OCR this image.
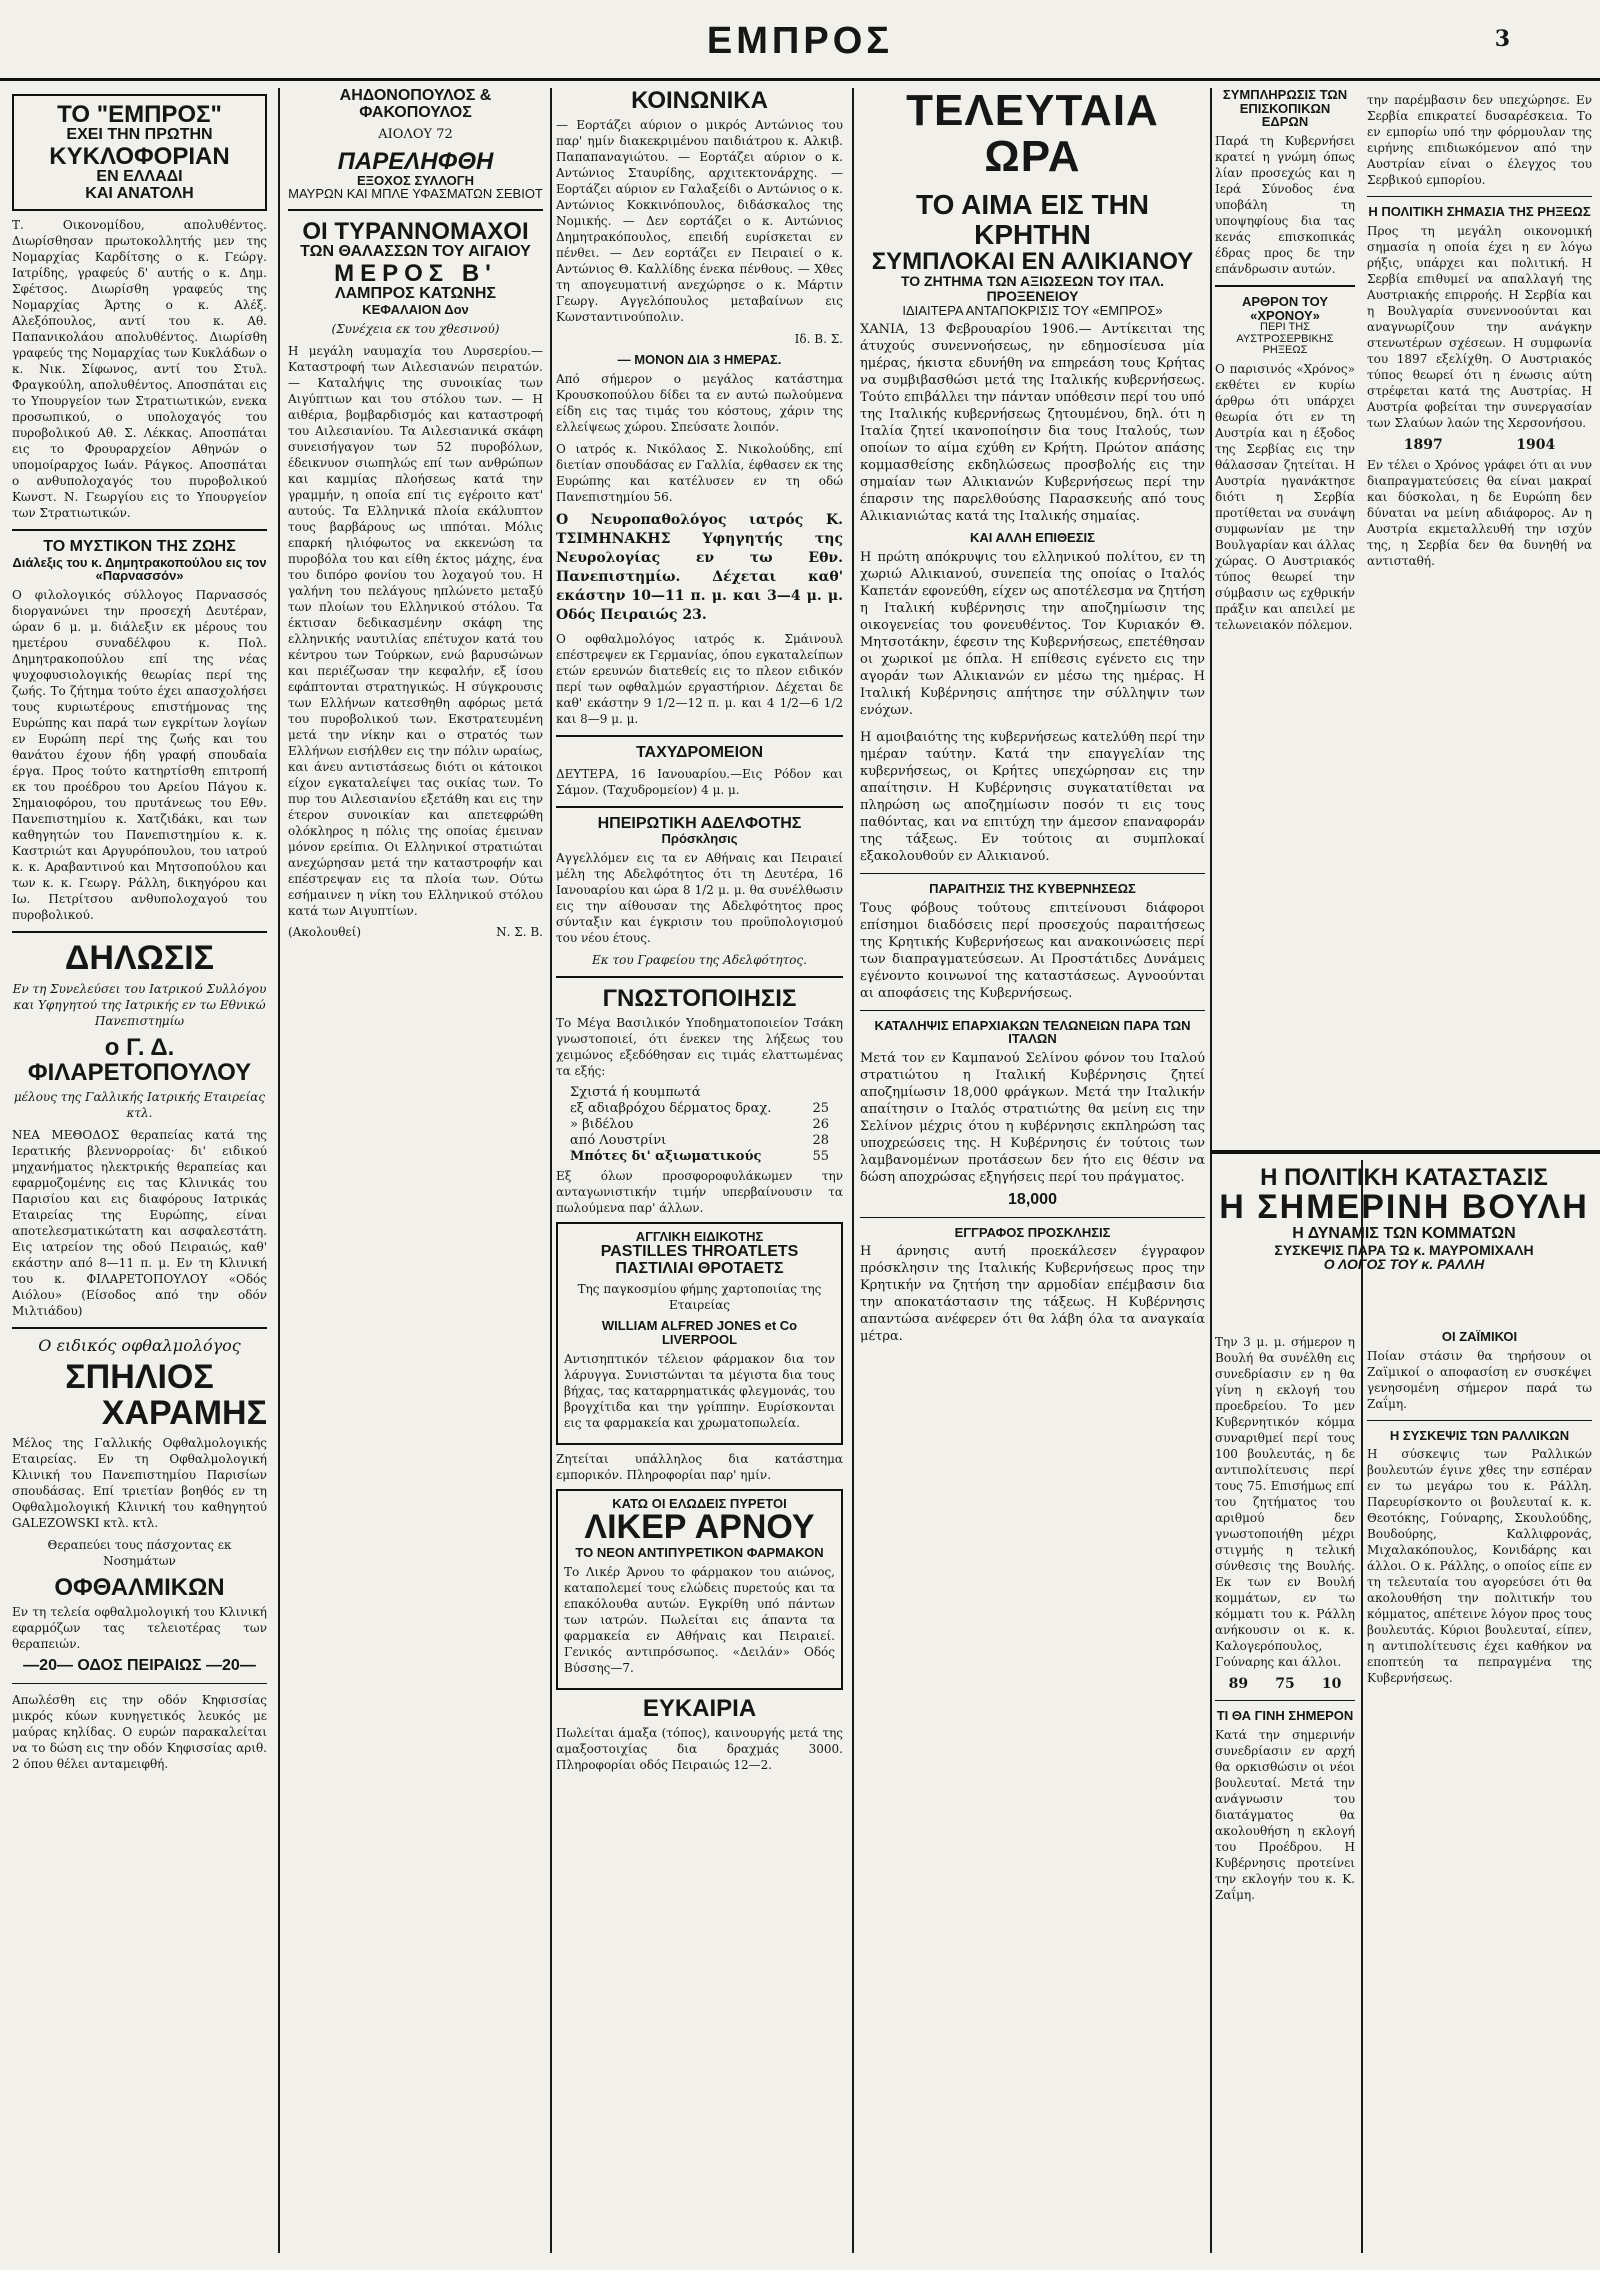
ΕΜΠΡΟΣ	3

ΤΟ "ΕΜΠΡΟΣ"

ΕΧΕΙ ΤΗΝ ΠΡΩΤΗΝ

ΚΥΚΛΟΦΟΡΙΑΝ

ΕΝ ΕΛΛΑΔΙ

ΚΑΙ ΑΝΑΤΟΛΗ

Τ. Οικονομίδου, απολυθέντος. Διωρίσθησαν πρωτοκολλητής μεν της Νομαρχίας Καρδίτσης ο κ. Γεώργ. Ιατρίδης, γραφεύς δ' αυτής ο κ. Δημ. Σφέτσος. Διωρίσθη γραφεύς της Νομαρχίας Άρτης ο κ. Αλέξ. Αλεξόπουλος, αντί του κ. Αθ. Παπανικολάου απολυθέντος. Διωρίσθη γραφεύς της Νομαρχίας των Κυκλάδων ο κ. Νικ. Σίφωνος, αντί του Στυλ. Φραγκούλη, απολυθέντος. Αποσπάται εις το Υπουργείον των Στρατιωτικών, ενεκα προσωπικού, ο υπολοχαγός του πυροβολικού Αθ. Σ. Λέκκας. Αποσπάται εις το Φρουραρχείον Αθηνών ο υπομοίραρχος Ιωάν. Ράγκος. Αποσπάται ο ανθυπολοχαγός του πυροβολικού Κωνστ. Ν. Γεωργίου εις το Υπουργείον των Στρατιωτικών.

ΤΟ ΜΥΣΤΙΚΟΝ ΤΗΣ ΖΩΗΣ

Διάλεξις του κ. Δημητρακοπούλου εις τον «Παρνασσόν»

Ο φιλολογικός σύλλογος Παρνασσός διοργανώνει την προσεχή Δευτέραν, ώραν 6 μ. μ. διάλεξιν εκ μέρους του ημετέρου συναδέλφου κ. Πολ. Δημητρακοπούλου επί της νέας ψυχοφυσιολογικής θεωρίας περί της ζωής. Το ζήτημα τούτο έχει απασχολήσει τους κυριωτέρους επιστήμονας της Ευρώπης και παρά των εγκρίτων λογίων εν Ευρώπη περί της ζωής και του θανάτου έχουν ήδη γραφή σπουδαία έργα. Προς τούτο κατηρτίσθη επιτροπή εκ του προέδρου του Αρείου Πάγου κ. Σημαιοφόρου, του πρυτάνεως του Εθν. Πανεπιστημίου κ. Χατζιδάκι, και των καθηγητών του Πανεπιστημίου κ. κ. Καστριώτ και Αργυρόπουλου, του ιατρού κ. κ. Αραβαντινού και Μητσοπούλου και των κ. κ. Γεωργ. Ράλλη, δικηγόρου και Ιω. Πετρίτσου ανθυπολοχαγού του πυροβολικού.

ΔΗΛΩΣΙΣ

Εν τη Συνελεύσει του Ιατρικού Συλλόγου και Υφηγητού της Ιατρικής εν τω Εθνικώ Πανεπιστημίω

ο Γ. Δ. ΦΙΛΑΡΕΤΟΠΟΥΛΟΥ

μέλους της Γαλλικής Ιατρικής Εταιρείας κτλ.

ΝΕΑ ΜΕΘΟΔΟΣ θεραπείας κατά της Ιερατικής βλεννορροίας· δι' ειδικού μηχανήματος ηλεκτρικής θεραπείας και εφαρμοζομένης εις τας Κλινικάς του Παρισίου και εις διαφόρους Ιατρικάς Εταιρείας της Ευρώπης, είναι αποτελεσματικώτατη και ασφαλεστάτη. Εις ιατρείον της οδού Πειραιώς, καθ' εκάστην από 8—11 π. μ. Εν τη Κλινική του κ. ΦΙΛΑΡΕΤΟΠΟΥΛΟΥ «Οδός Αιόλου» (Είσοδος από την οδόν Μιλτιάδου)

Ο ειδικός οφθαλμολόγος

ΣΠΗΛΙΟΣ

ΧΑΡΑΜΗΣ

Μέλος της Γαλλικής Οφθαλμολογικής Εταιρείας. Εν τη Οφθαλμολογική Κλινική του Πανεπιστημίου Παρισίων σπουδάσας. Επί τριετίαν βοηθός εν τη Οφθαλμολογική Κλινική του καθηγητού GALEZOWSKI κτλ. κτλ.

Θεραπεύει τους πάσχοντας εκ Νοσημάτων

ΟΦΘΑΛΜΙΚΩΝ

Εν τη τελεία οφθαλμολογική του Κλινική εφαρμόζων τας τελειοτέρας των θεραπειών.

—20— ΟΔΟΣ ΠΕΙΡΑΙΩΣ —20—

Απωλέσθη εις την οδόν Κηφισσίας μικρός κύων κυνηγετικός λευκός με μαύρας κηλίδας. Ο ευρών παρακαλείται να το δώση εις την οδόν Κηφισσίας αριθ. 2 όπου θέλει ανταμειφθή.

ΑΗΔΟΝΟΠΟΥΛΟΣ & ΦΑΚΟΠΟΥΛΟΣ

ΑΙΟΛΟΥ 72

ΠΑΡΕΛΗΦΘΗ

ΕΞΟΧΟΣ ΣΥΛΛΟΓΗ

ΜΑΥΡΩΝ ΚΑΙ ΜΠΛΕ ΥΦΑΣΜΑΤΩΝ ΣΕΒΙΟΤ

ΟΙ ΤΥΡΑΝΝΟΜΑΧΟΙ

ΤΩΝ ΘΑΛΑΣΣΩΝ ΤΟΥ ΑΙΓΑΙΟΥ

ΜΕΡΟΣ Β'

ΛΑΜΠΡΟΣ ΚΑΤΩΝΗΣ

ΚΕΦΑΛΑΙΟΝ Δον

(Συνέχεια εκ του χθεσινού)

Η μεγάλη ναυμαχία του Λυρσερίου.— Καταστροφή των Αιλεσιανών πειρατών. — Καταλήψις της συνοικίας των Αιγύπτιων και του στόλου των. — Η αιθέρια, βομβαρδισμός και καταστροφή του Αιλεσιανίου. Τα Αιλεσιανικά σκάφη συνεισήγαγον των 52 πυροβόλων, έδεικνυον σιωπηλώς επί των ανθρώπων και καμμίας πλοήσεως κατά την γραμμήν, η οποία επί τις εγέροιτο κατ' αυτούς. Τα Ελληνικά πλοία εκάλυπτον τους βαρβάρους ως ιππόται. Μόλις επαρκή ηλιόφωτος να εκκενώση τα πυροβόλα του και είθη έκτος μάχης, ένα του διπόρο φονίου του λοχαγού του. Η γαλήνη του πελάγους ηπλώνετο μεταξύ των πλοίων του Ελληνικού στόλου. Τα έκτισαν δεδικασμένην σκάφη της ελληνικής ναυτιλίας επέτυχον κατά του κέντρου των Τούρκων, ενώ βαρυσώνων και περιέζωσαν την κεφαλήν, εξ ίσου εφάπτονται στρατηγικώς. Η σύγκρουσις των Ελλήνων κατεσθηθη αφόρως μετά του πυροβολικού των. Εκστρατευμένη μετά την νίκην και ο στρατός των Ελλήνων εισήλθεν εις την πόλιν ωραίως, και άνευ αντιστάσεως διότι οι κάτοικοι είχον εγκαταλείψει τας οικίας των. Το πυρ του Αιλεσιανίου εξετάθη και εις την έτερον συνοικίαν και απετεφρώθη ολόκληρος η πόλις της οποίας έμειναν μόνον ερείπια. Οι Ελληνικοί στρατιώται ανεχώρησαν μετά την καταστροφήν και επέστρεψαν εις τα πλοία των. Ούτω εσήμαινεν η νίκη του Ελληνικού στόλου κατά των Αιγυπτίων.

(Ακολουθεί)	Ν. Σ. Β.

ΚΟΙΝΩΝΙΚΑ

— Εορτάζει αύριον ο μικρός Αντώνιος του παρ' ημίν διακεκριμένου παιδιάτρου κ. Αλκιβ. Παπαπαναγιώτου. — Εορτάζει αύριον ο κ. Αντώνιος Σταυρίδης, αρχιτεκτονάρχης. — Εορτάζει αύριον εν Γαλαξείδι ο Αντώνιος ο κ. Αντώνιος Κοκκινόπουλος, διδάσκαλος της Νομικής. — Δεν εορτάζει ο κ. Αντώνιος Δημητρακόπουλος, επειδή ευρίσκεται εν πένθει. — Δεν εορτάζει εν Πειραιεί ο κ. Αντώνιος Θ. Καλλίδης ένεκα πένθους. — Χθες τη απογευματινή ανεχώρησε ο κ. Μάρτιν Γεωργ. Αγγελόπουλος μεταβαίνων εις Κωνσταντινούπολιν.

Ιδ. Β. Σ.

— ΜΟΝΟΝ ΔΙΑ 3 ΗΜΕΡΑΣ.

Από σήμερον ο μεγάλος κατάστημα Κρουσκοπούλου δίδει τα εν αυτώ πωλούμενα είδη εις τας τιμάς του κόστους, χάριν της ελλείψεως χώρου. Σπεύσατε λοιπόν.

Ο ιατρός κ. Νικόλαος Σ. Νικολούδης, επί διετίαν σπουδάσας εν Γαλλία, έφθασεν εκ της Ευρώπης και κατέλυσεν εν τη οδώ Πανεπιστημίου 56.

Ο Νευροπαθολόγος ιατρός Κ. ΤΣΙΜΗΝΑΚΗΣ Υφηγητής της Νευρολογίας εν τω Εθν. Πανεπιστημίω. Δέχεται καθ' εκάστην 10—11 π. μ. και 3—4 μ. μ. Οδός Πειραιώς 23.

Ο οφθαλμολόγος ιατρός κ. Σμάινουλ επέστρεψεν εκ Γερμανίας, όπου εγκαταλείπων ετών ερευνών διατεθείς εις το πλεον ειδικόν περί των οφθαλμών εργαστήριον. Δέχεται δε καθ' εκάστην 9 1/2—12 π. μ. και 4 1/2—6 1/2 και 8—9 μ. μ.

ΤΑΧΥΔΡΟΜΕΙΟΝ

ΔΕΥΤΕΡΑ, 16 Ιανουαρίου.—Εις Ρόδον και Σάμον. (Ταχυδρομείον) 4 μ. μ.

ΗΠΕΙΡΩΤΙΚΗ ΑΔΕΛΦΟΤΗΣ

Πρόσκλησις

Αγγελλόμεν εις τα εν Αθήναις και Πειραιεί μέλη της Αδελφότητος ότι τη Δευτέρα, 16 Ιανουαρίου και ώρα 8 1/2 μ. μ. θα συνέλθωσιν εις την αίθουσαν της Αδελφότητος προς σύνταξιν και έγκρισιν του προϋπολογισμού του νέου έτους.

Εκ του Γραφείου της Αδελφότητος.

ΓΝΩΣΤΟΠΟΙΗΣΙΣ

Το Μέγα Βασιλικόν Υποδηματοποιείον Τσάκη γνωστοποιεί, ότι ένεκεν της λήξεως του χειμώνος εξεδόθησαν εις τιμάς ελαττωμένας τα εξής:

Σχιστά ή κουμπωτά
εξ αδιαβρόχου δέρματος δραχ.	25
» βιδέλου	26
από Λουστρίνι	28
Μπότες δι' αξιωματικούς	55

Εξ όλων προσφοροφυλάκωμεν την ανταγωνιστικήν τιμήν υπερβαίνουσιν τα πωλούμενα παρ' άλλων.

ΑΓΓΛΙΚΗ ΕΙΔΙΚΟΤΗΣ

PASTILLES THROATLETS

ΠΑΣΤΙΛΙΑΙ ΘΡΟΤΑΕΤΣ

Της παγκοσμίου φήμης χαρτοποιίας της Εταιρείας

WILLIAM ALFRED JONES et Co

LIVERPOOL

Αντισηπτικόν τέλειον φάρμακον δια τον λάρυγγα. Συνιστώνται τα μέγιστα δια τους βήχας, τας καταρρηματικάς φλεγμονάς, του βρογχίτιδα και την γρίππην. Ευρίσκονται εις τα φαρμακεία και χρωματοπωλεία.

Ζητείται υπάλληλος δια κατάστημα εμπορικόν. Πληροφορίαι παρ' ημίν.

ΚΑΤΩ ΟΙ ΕΛΩΔΕΙΣ ΠΥΡΕΤΟΙ

ΛΙΚΕΡ ΑΡΝΟΥ

ΤΟ ΝΕΟΝ ΑΝΤΙΠΥΡΕΤΙΚΟΝ ΦΑΡΜΑΚΟΝ

Το Λικέρ Άρνου το φάρμακον του αιώνος, καταπολεμεί τους ελώδεις πυρετούς και τα επακόλουθα αυτών. Εγκρίθη υπό πάντων των ιατρών. Πωλείται εις άπαντα τα φαρμακεία εν Αθήναις και Πειραιεί. Γενικός αντιπρόσωπος. «Δειλάν» Οδός Βύσσης—7.

ΕΥΚΑΙΡΙΑ

Πωλείται άμαξα (τόπος), καινουργής μετά της αμαξοστοιχίας δια δραχμάς 3000. Πληροφορίαι οδός Πειραιώς 12—2.

ΤΕΛΕΥΤΑΙΑ ΩΡΑ

ΤΟ ΑΙΜΑ ΕΙΣ ΤΗΝ ΚΡΗΤΗΝ

ΣΥΜΠΛΟΚΑΙ ΕΝ ΑΛΙΚΙΑΝΟΥ

ΤΟ ΖΗΤΗΜΑ ΤΩΝ ΑΞΙΩΣΕΩΝ ΤΟΥ ΙΤΑΛ. ΠΡΟΞΕΝΕΙΟΥ

ΙΔΙΑΙΤΕΡΑ ΑΝΤΑΠΟΚΡΙΣΙΣ ΤΟΥ «ΕΜΠΡΟΣ»

ΧΑΝΙΑ, 13 Φεβρουαρίου 1906.— Αντίκειται της άτυχούς συνεννοήσεως, ην εδημοσίευσα μία ημέρας, ήκιστα εδυνήθη να επηρεάση τους Κρήτας να συμβιβασθώσι μετά της Ιταλικής κυβερνήσεως. Τούτο επιβάλλει την πάνταν υπόθεσιν περί του υπό της Ιταλικής κυβερνήσεως ζητουμένου, δηλ. ότι η Ιταλία ζητεί ικανοποίησιν δια τους Ιταλούς, των οποίων το αίμα εχύθη εν Κρήτη. Πρώτον απάσης κομμασθείσης εκδηλώσεως προσβολής εις την σημαίαν των Αλικιανών Κυβερνήσεως περί την έπαρσιν της παρελθούσης Παρασκευής από τους Αλικιανιώτας κατά της Ιταλικής σημαίας.

ΚΑΙ ΑΛΛΗ ΕΠΙΘΕΣΙΣ

Η πρώτη απόκρυψις του ελληνικού πολίτου, εν τη χωριώ Αλικιανού, συνεπεία της οποίας ο Ιταλός Καπετάν εφονεύθη, είχεν ως αποτέλεσμα να ζητήση η Ιταλική κυβέρνησις την αποζημίωσιν της οικογενείας του φονευθέντος. Τον Κυριακόν Θ. Μητσοτάκην, έφεσιν της Κυβερνήσεως, επετέθησαν οι χωρικοί με όπλα. Η επίθεσις εγένετο εις την αγοράν των Αλικιανών εν μέσω της ημέρας. Η Ιταλική Κυβέρνησις απήτησε την σύλληψιν των ενόχων.

Η αμοιβαιότης της κυβερνήσεως κατελύθη περί την ημέραν ταύτην. Κατά την επαγγελίαν της κυβερνήσεως, οι Κρήτες υπεχώρησαν εις την απαίτησιν. Η Κυβέρνησις συγκατατίθεται να πληρώση ως αποζημίωσιν ποσόν τι εις τους παθόντας, και να επιτύχη την άμεσον επαναφοράν της τάξεως. Εν τούτοις αι συμπλοκαί εξακολουθούν εν Αλικιανού.

ΠΑΡΑΙΤΗΣΙΣ ΤΗΣ ΚΥΒΕΡΝΗΣΕΩΣ

Τους φόβους τούτους επιτείνουσι διάφοροι επίσημοι διαδόσεις περί προσεχούς παραιτήσεως της Κρητικής Κυβερνήσεως και ανακοινώσεις περί των διαπραγματεύσεων. Αι Προστάτιδες Δυνάμεις εγένοντο κοινωνοί της καταστάσεως. Αγνοούνται αι αποφάσεις της Κυβερνήσεως.

ΚΑΤΑΛΗΨΙΣ ΕΠΑΡΧΙΑΚΩΝ ΤΕΛΩΝΕΙΩΝ ΠΑΡΑ ΤΩΝ ΙΤΑΛΩΝ

Μετά τον εν Καμπανού Σελίνου φόνον του Ιταλού στρατιώτου η Ιταλική Κυβέρνησις ζητεί αποζημίωσιν 18,000 φράγκων. Μετά την Ιταλικήν απαίτησιν ο Ιταλός στρατιώτης θα μείνη εις την Σελίνον μέχρις ότου η κυβέρνησις εκπληρώση τας υποχρεώσεις της. Η Κυβέρνησις έν τούτοις των λαμβανομένων προτάσεων δεν ήτο εις θέσιν να δώση αποχρώσας εξηγήσεις περί του πράγματος.

18,000

ΕΓΓΡΑΦΟΣ ΠΡΟΣΚΛΗΣΙΣ

Η άρνησις αυτή προεκάλεσεν έγγραφον πρόσκλησιν της Ιταλικής Κυβερνήσεως προς την Κρητικήν να ζητήση την αρμοδίαν επέμβασιν δια την αποκατάστασιν της τάξεως. Η Κυβέρνησις απαντώσα ανέφερεν ότι θα λάβη όλα τα αναγκαία μέτρα.

ΣΥΜΠΛΗΡΩΣΙΣ ΤΩΝ ΕΠΙΣΚΟΠΙΚΩΝ ΕΔΡΩΝ

Παρά τη Κυβερνήσει κρατεί η γνώμη όπως λίαν προσεχώς και η Ιερά Σύνοδος ένα υποβάλη τη υποψηφίους δια τας κενάς επισκοπικάς έδρας προς δε την επάνδρωσιν αυτών.

ΑΡΘΡΟΝ ΤΟΥ «ΧΡΟΝΟΥ»

ΠΕΡΙ ΤΗΣ ΑΥΣΤΡΟΣΕΡΒΙΚΗΣ ΡΗΞΕΩΣ

Ο παρισινός «Χρόνος» εκθέτει εν κυρίω άρθρω ότι υπάρχει θεωρία ότι εν τη Αυστρία και η έξοδος της Σερβίας εις την θάλασσαν ζητείται. Η Αυστρία ηγανάκτησε διότι η Σερβία προτίθεται να συνάψη συμφωνίαν με την Βουλγαρίαν και άλλας χώρας. Ο Αυστριακός τύπος θεωρεί την σύμβασιν ως εχθρικήν πράξιν και απειλεί με τελωνειακόν πόλεμον.

Η ΠΟΛΙΤΙΚΗ ΚΑΤΑΣΤΑΣΙΣ

Η ΣΗΜΕΡΙΝΗ ΒΟΥΛΗ

Η ΔΥΝΑΜΙΣ ΤΩΝ ΚΟΜΜΑΤΩΝ

ΣΥΣΚΕΨΙΣ ΠΑΡΑ ΤΩ κ. ΜΑΥΡΟΜΙΧΑΛΗ

Ο ΛΟΓΟΣ ΤΟΥ κ. ΡΑΛΛΗ

Την 3 μ. μ. σήμερον η Βουλή θα συνέλθη εις συνεδρίασιν εν η θα γίνη η εκλογή του προεδρείου. Το μεν Κυβερνητικόν κόμμα συναριθμεί περί τους 100 βουλευτάς, η δε αντιπολίτευσις περί τους 75. Επισήμως επί του ζητήματος του αριθμού δεν γνωστοποιήθη μέχρι στιγμής η τελική σύνθεσις της Βουλής. Εκ των εν Βουλή κομμάτων, εν τω κόμματι του κ. Ράλλη ανήκουσιν οι κ. κ. Καλογερόπουλος, Γούναρης και άλλοι.

89 75 10

ΤΙ ΘΑ ΓΙΝΗ ΣΗΜΕΡΟΝ

Κατά την σημερινήν συνεδρίασιν εν αρχή θα ορκισθώσιν οι νέοι βουλευταί. Μετά την ανάγνωσιν του διατάγματος θα ακολουθήση η εκλογή του Προέδρου. Η Κυβέρνησις προτείνει την εκλογήν του κ. Κ. Ζαΐμη.

την παρέμβασιν δεν υπεχώρησε. Εν Σερβία επικρατεί δυσαρέσκεια. Το εν εμπορίω υπό την φόρμουλαν της ειρήνης επιδιωκόμενον από την Αυστρίαν είναι ο έλεγχος του Σερβικού εμπορίου.

Η ΠΟΛΙΤΙΚΗ ΣΗΜΑΣΙΑ ΤΗΣ ΡΗΞΕΩΣ

Προς τη μεγάλη οικονομική σημασία η οποία έχει η εν λόγω ρήξις, υπάρχει και πολιτική. Η Σερβία επιθυμεί να απαλλαγή της Αυστριακής επιρροής. Η Σερβία και η Βουλγαρία συνεννοούνται και αναγνωρίζουν την ανάγκην στενωτέρων σχέσεων. Η συμφωνία του 1897 εξελίχθη. Ο Αυστριακός τύπος θεωρεί ότι η ένωσις αύτη στρέφεται κατά της Αυστρίας. Η Αυστρία φοβείται την συνεργασίαν των Σλαύων λαών της Χερσονήσου.

1897	1904

Εν τέλει ο Χρόνος γράφει ότι αι νυν διαπραγματεύσεις θα είναι μακραί και δύσκολαι, η δε Ευρώπη δεν δύναται να μείνη αδιάφορος. Αν η Αυστρία εκμεταλλευθή την ισχύν της, η Σερβία δεν θα δυνηθή να αντισταθή.

ΟΙ ΖΑΪΜΙΚΟΙ

Ποίαν στάσιν θα τηρήσουν οι Ζαϊμικοί ο αποφασίση εν συσκέψει γενησομένη σήμερον παρά τω Ζαΐμη.

Η ΣΥΣΚΕΨΙΣ ΤΩΝ ΡΑΛΛΙΚΩΝ

Η σύσκεψις των Ραλλικών βουλευτών έγινε χθες την εσπέραν εν τω μεγάρω του κ. Ράλλη. Παρευρίσκοντο οι βουλευταί κ. κ. Θεοτόκης, Γούναρης, Σκουλούδης, Βουδούρης, Καλλιφρονάς, Μιχαλακόπουλος, Κονιδάρης και άλλοι. Ο κ. Ράλλης, ο οποίος είπε εν τη τελευταία του αγορεύσει ότι θα ακολουθήση την πολιτικήν του κόμματος, απέτεινε λόγον προς τους βουλευτάς. Κύριοι βουλευταί, είπεν, η αντιπολίτευσις έχει καθήκον να εποπτεύη τα πεπραγμένα της Κυβερνήσεως.
